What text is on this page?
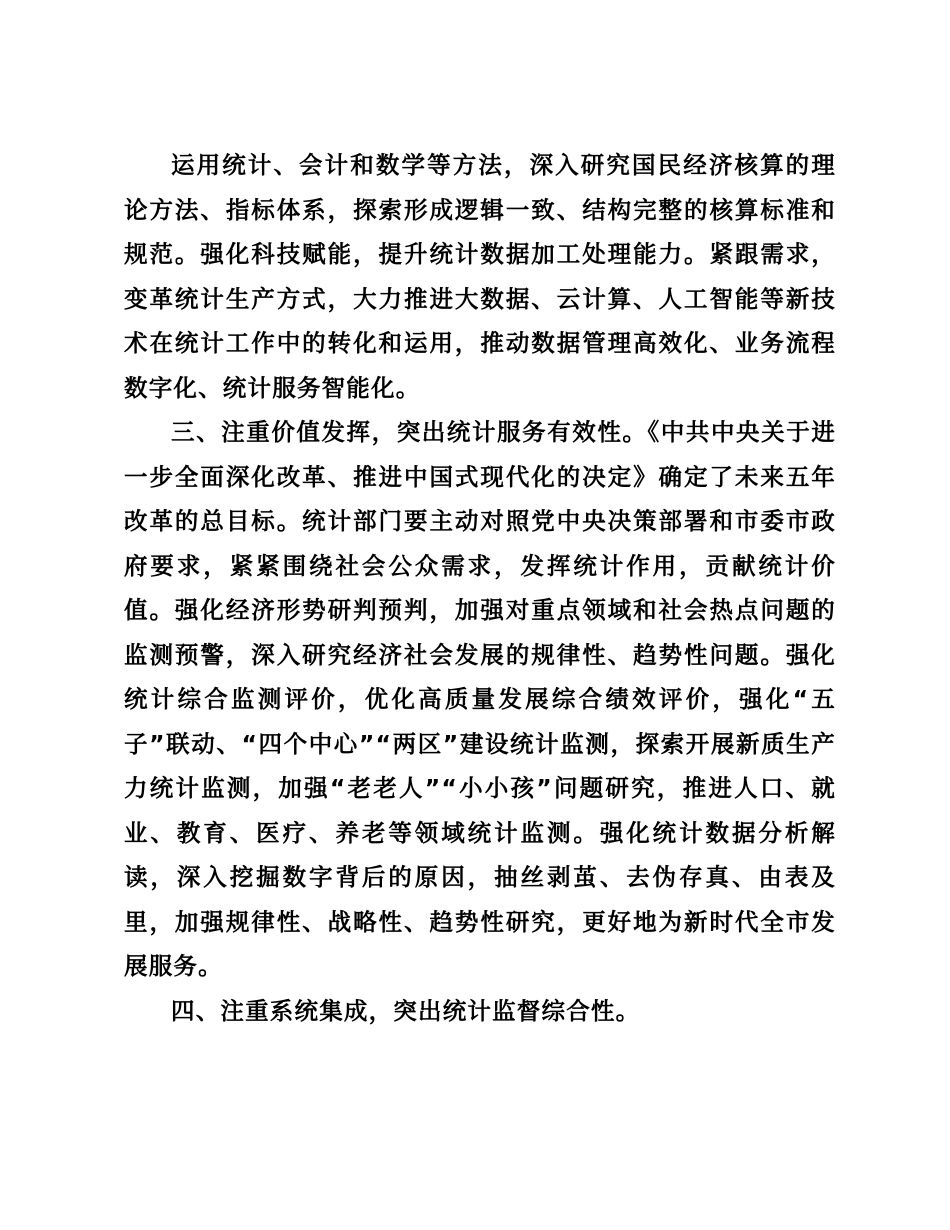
运用统计、会计和数学等方法，深入研究国民经济核算的理论方法、指标体系，探索形成逻辑一致、结构完整的核算标准和规范。强化科技赋能，提升统计数据加工处理能力。紧跟需求，变革统计生产方式，大力推进大数据、云计算、人工智能等新技术在统计工作中的转化和运用，推动数据管理高效化、业务流程数字化、统计服务智能化。

三、注重价值发挥，突出统计服务有效性。《中共中央关于进一步全面深化改革、推进中国式现代化的决定》确定了未来五年改革的总目标。统计部门要主动对照党中央决策部署和市委市政府要求，紧紧围绕社会公众需求，发挥统计作用，贡献统计价值。强化经济形势研判预判，加强对重点领域和社会热点问题的监测预警，深入研究经济社会发展的规律性、趋势性问题。强化统计综合监测评价，优化高质量发展综合绩效评价，强化“五子”联动、“四个中心”“两区”建设统计监测，探索开展新质生产力统计监测，加强“老老人”“小小孩”问题研究，推进人口、就业、教育、医疗、养老等领域统计监测。强化统计数据分析解读，深入挖掘数字背后的原因，抽丝剥茧、去伪存真、由表及里，加强规律性、战略性、趋势性研究，更好地为新时代全市发展服务。

四、注重系统集成，突出统计监督综合性。
